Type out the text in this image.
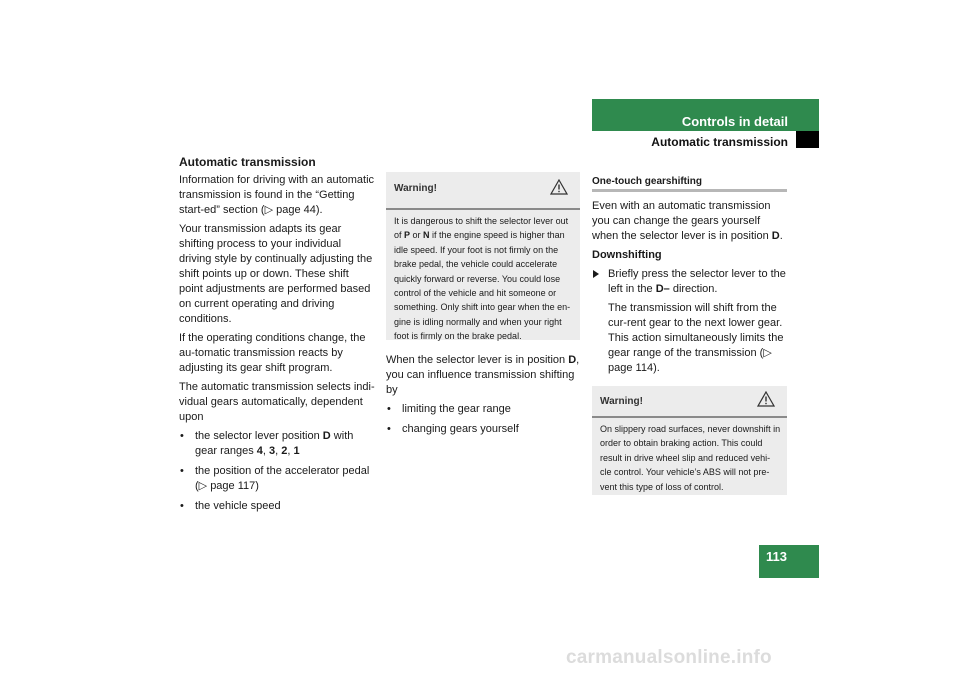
Controls in detail
Automatic transmission
Automatic transmission

Information for driving with an automatic transmission is found in the “Getting start-ed” section (▷ page 44).

Your transmission adapts its gear shifting process to your individual driving style by continually adjusting the shift points up or down. These shift point adjustments are performed based on current operating and driving conditions.

If the operating conditions change, the au-tomatic transmission reacts by adjusting its gear shift program.

The automatic transmission selects indi-vidual gears automatically, dependent upon

• the selector lever position D with gear ranges 4, 3, 2, 1
• the position of the accelerator pedal (▷ page 117)
• the vehicle speed
Warning!
It is dangerous to shift the selector lever out of P or N if the engine speed is higher than idle speed. If your foot is not firmly on the brake pedal, the vehicle could accelerate quickly forward or reverse. You could lose control of the vehicle and hit someone or something. Only shift into gear when the en-gine is idling normally and when your right foot is firmly on the brake pedal.

When the selector lever is in position D, you can influence transmission shifting by

• limiting the gear range
• changing gears yourself
One-touch gearshifting

Even with an automatic transmission you can change the gears yourself when the selector lever is in position D.

Downshifting

Briefly press the selector lever to the left in the D– direction.

The transmission will shift from the cur-rent gear to the next lower gear. This action simultaneously limits the gear range of the transmission (▷ page 114).

Warning!
On slippery road surfaces, never downshift in order to obtain braking action. This could result in drive wheel slip and reduced vehi-cle control. Your vehicle’s ABS will not pre-vent this type of loss of control.
113
carmanualsonline.info
